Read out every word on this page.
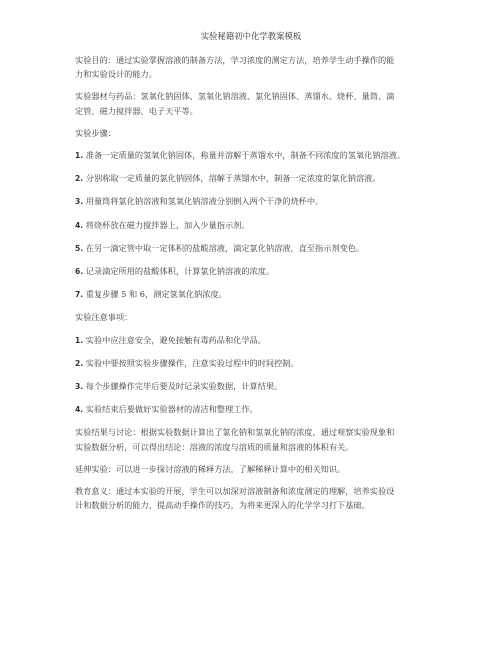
实验秘籍初中化学教案模板

实验目的：通过实验掌握溶液的制备方法，学习浓度的测定方法，培养学生动手操作的能
力和实验设计的能力。

实验器材与药品：氢氧化钠固体、氢氧化钠溶液、氯化钠固体、蒸馏水、烧杯、量筒、滴
定管、磁力搅拌器、电子天平等。

实验步骤：

1. 准备一定质量的氢氧化钠固体，称量并溶解于蒸馏水中，制备不同浓度的氢氧化钠溶液。

2. 分别称取一定质量的氯化钠固体，溶解于蒸馏水中，制备一定浓度的氯化钠溶液。

3. 用量筒将氯化钠溶液和氢氧化钠溶液分别倒入两个干净的烧杯中。

4. 将烧杯放在磁力搅拌器上，加入少量指示剂。

5. 在另一滴定管中取一定体积的盐酸溶液，滴定氯化钠溶液，直至指示剂变色。

6. 记录滴定所用的盐酸体积，计算氯化钠溶液的浓度。

7. 重复步骤 5 和 6，测定氢氧化钠浓度。

实验注意事项：

1. 实验中应注意安全，避免接触有毒药品和化学品。

2. 实验中要按照实验步骤操作，注意实验过程中的时间控制。

3. 每个步骤操作完毕后要及时记录实验数据，计算结果。

4. 实验结束后要做好实验器材的清洁和整理工作。

实验结果与讨论：根据实验数据计算出了氯化钠和氢氧化钠的浓度，通过观察实验现象和
实验数据分析，可以得出结论：溶液的浓度与溶质的质量和溶液的体积有关。

延伸实验：可以进一步探讨溶液的稀释方法，了解稀释计算中的相关知识。

教育意义：通过本实验的开展，学生可以加深对溶液制备和浓度测定的理解，培养实验设
计和数据分析的能力，提高动手操作的技巧，为将来更深入的化学学习打下基础。
